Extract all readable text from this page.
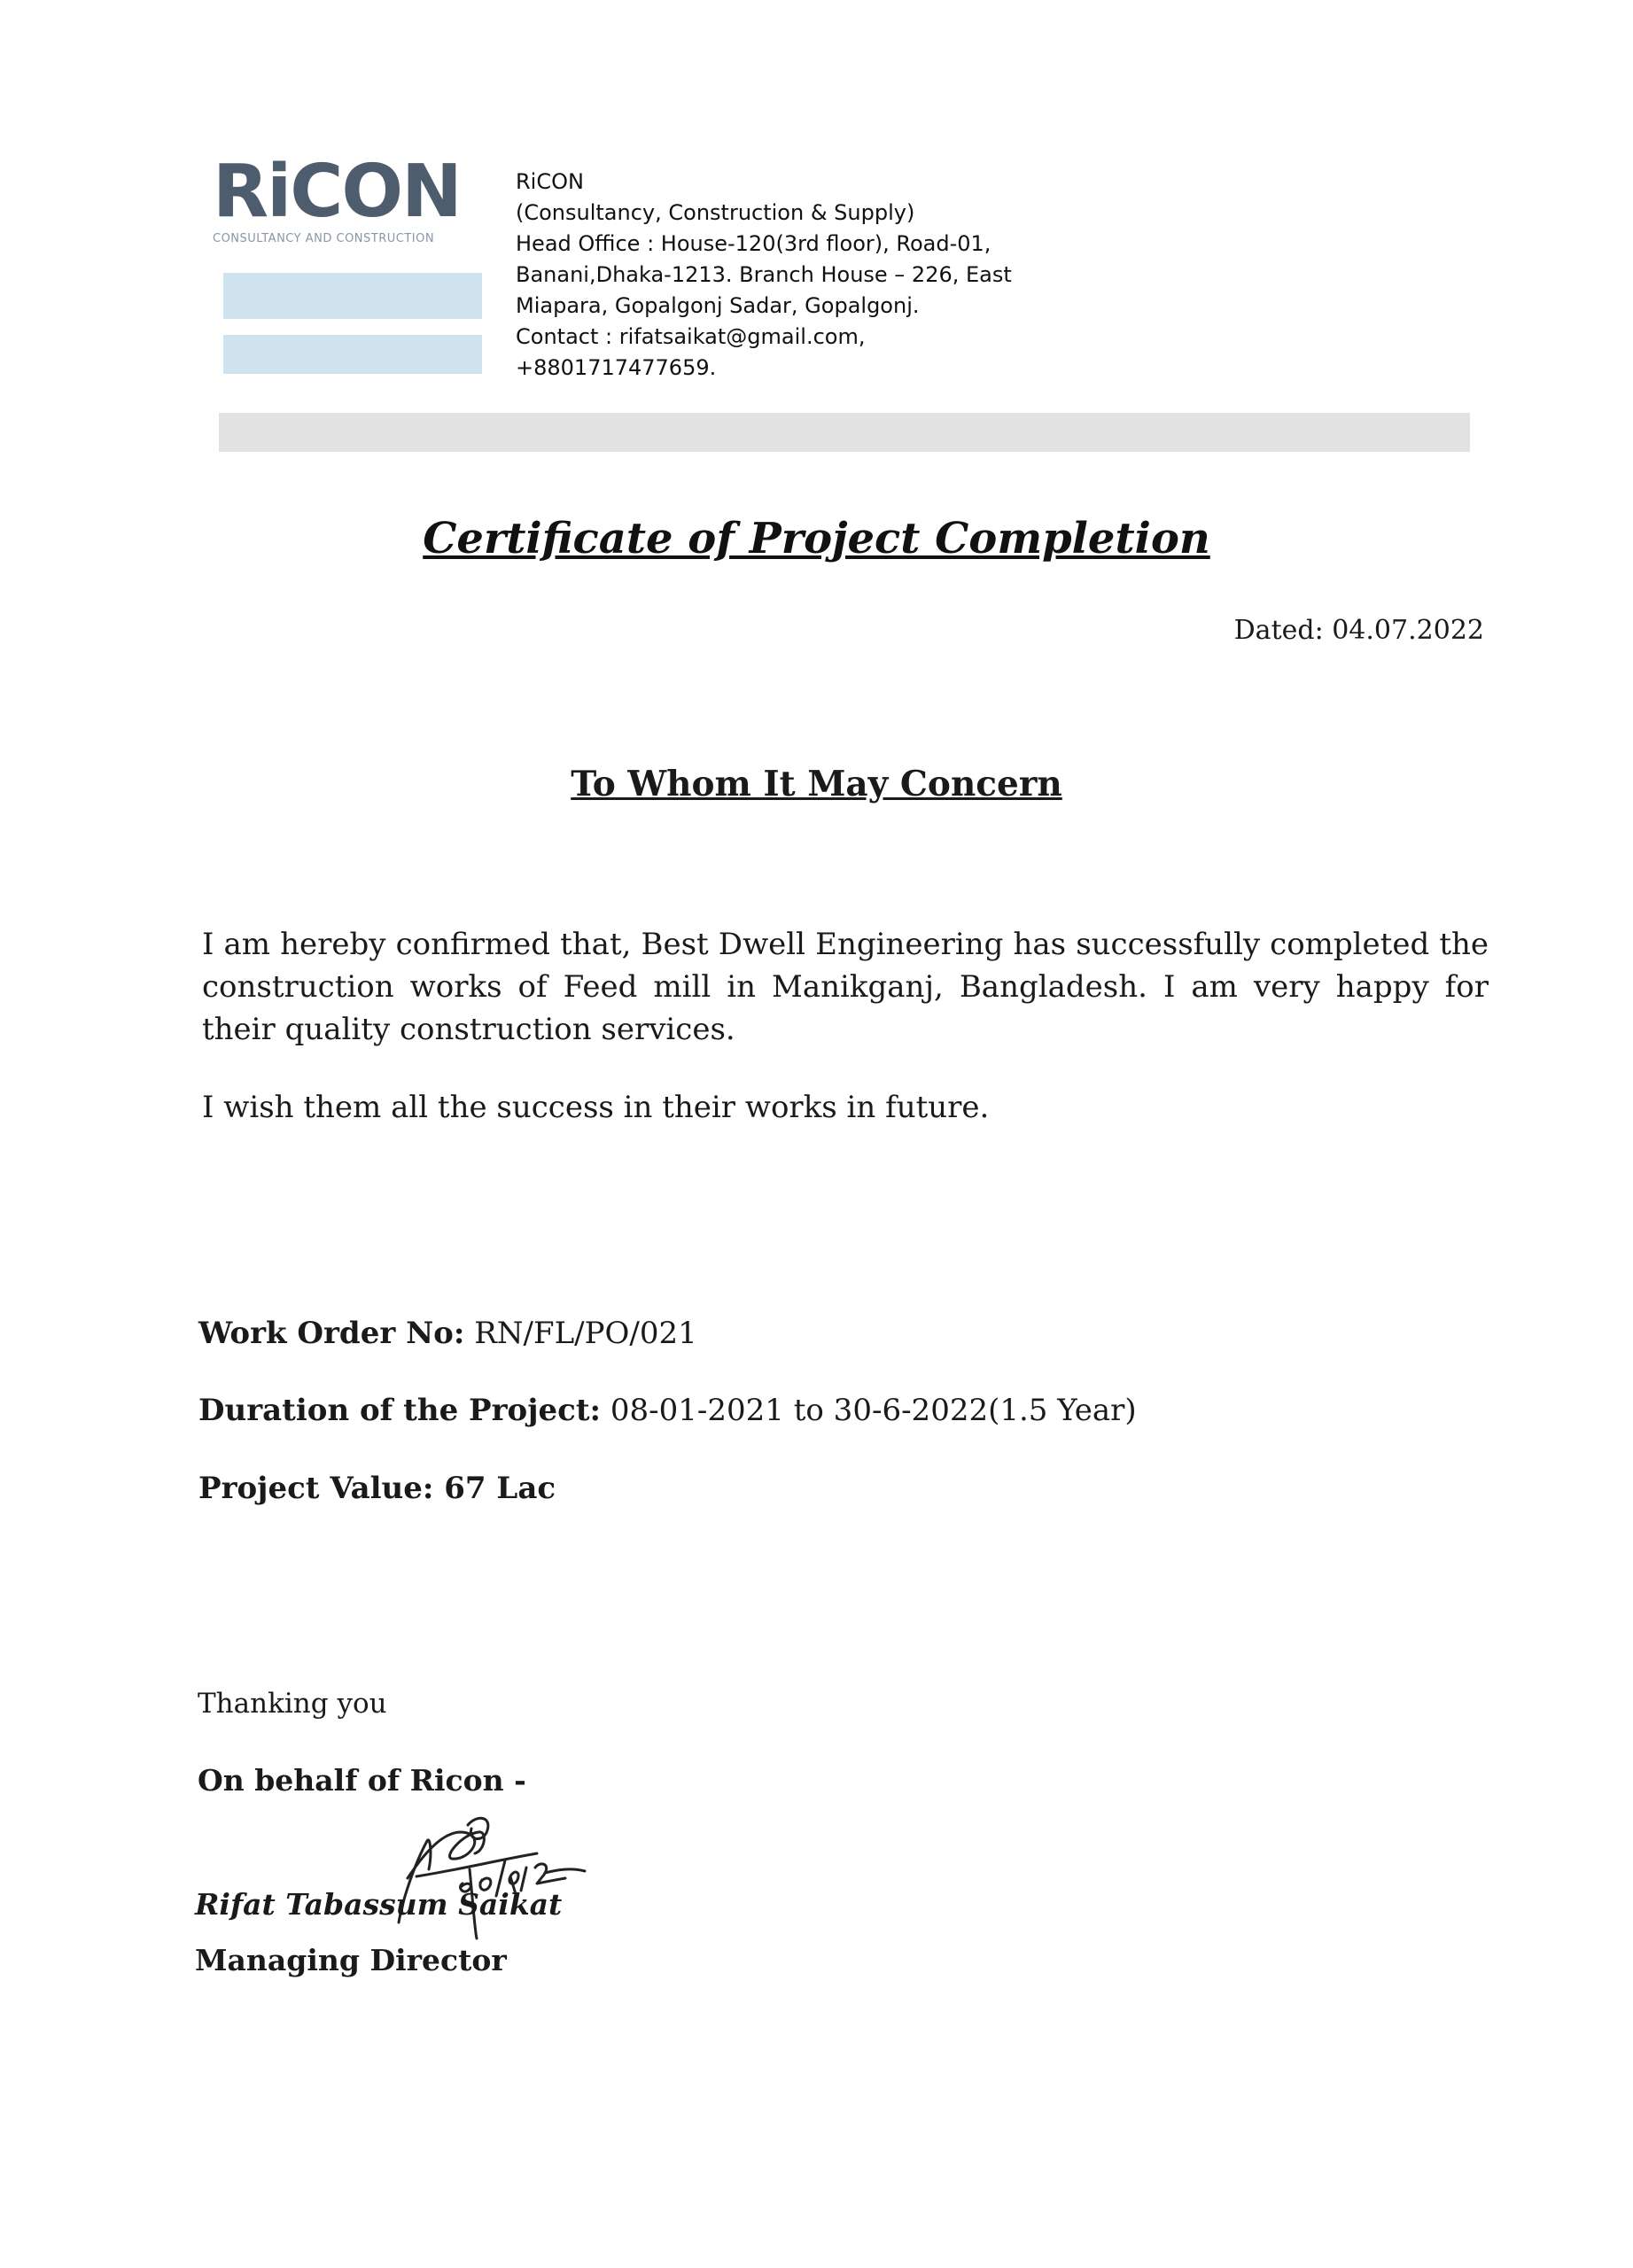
RiCON
CONSULTANCY AND CONSTRUCTION
RiCON
(Consultancy, Construction & Supply)
Head Office : House-120(3rd floor), Road-01,
Banani,Dhaka-1213. Branch House – 226, East
Miapara, Gopalgonj Sadar, Gopalgonj.
Contact : rifatsaikat@gmail.com,
+8801717477659.
Certificate of Project Completion
Dated: 04.07.2022
To Whom It May Concern
I am hereby confirmed that, Best Dwell Engineering has successfully completed the construction works of Feed mill in Manikganj, Bangladesh. I am very happy for their quality construction services.
I wish them all the success in their works in future.
Work Order No: RN/FL/PO/021
Duration of the Project: 08-01-2021 to 30-6-2022(1.5 Year)
Project Value: 67 Lac
Thanking you
On behalf of Ricon -
Rifat Tabassum Saikat
Managing Director
